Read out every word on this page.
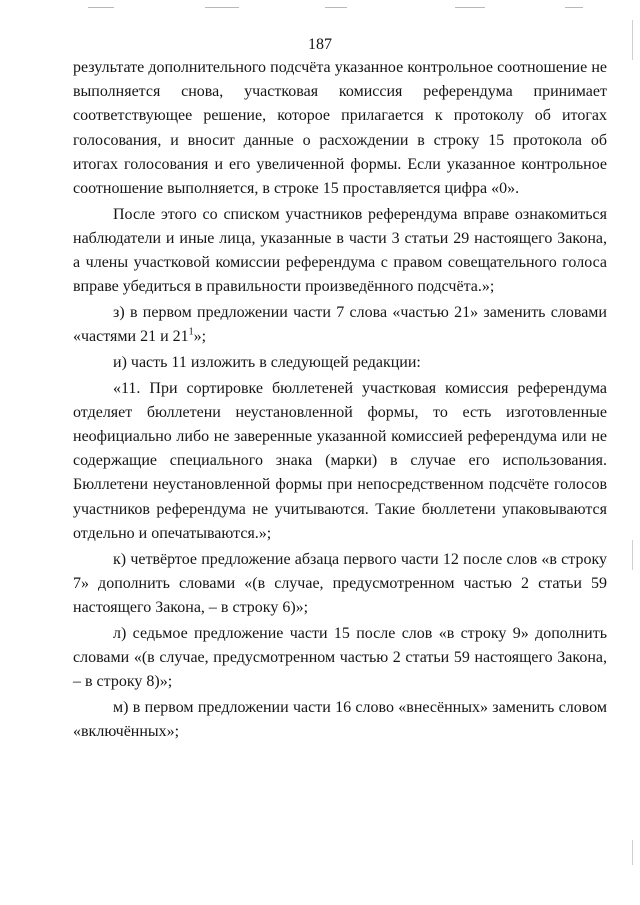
187

результате дополнительного подсчёта указанное контрольное соотношение не выполняется снова, участковая комиссия референдума принимает соответствующее решение, которое прилагается к протоколу об итогах голосования, и вносит данные о расхождении в строку 15 протокола об итогах голосования и его увеличенной формы. Если указанное контрольное соотношение выполняется, в строке 15 проставляется цифра «0».

После этого со списком участников референдума вправе ознакомиться наблюдатели и иные лица, указанные в части 3 статьи 29 настоящего Закона, а члены участковой комиссии референдума с правом совещательного голоса вправе убедиться в правильности произведённого подсчёта.»;

з) в первом предложении части 7 слова «частью 21» заменить словами «частями 21 и $21^1$»;

и) часть 11 изложить в следующей редакции:

«11. При сортировке бюллетеней участковая комиссия референдума отделяет бюллетени неустановленной формы, то есть изготовленные неофициально либо не заверенные указанной комиссией референдума или не содержащие специального знака (марки) в случае его использования. Бюллетени неустановленной формы при непосредственном подсчёте голосов участников референдума не учитываются. Такие бюллетени упаковываются отдельно и опечатываются.»;

к) четвёртое предложение абзаца первого части 12 после слов «в строку 7» дополнить словами «(в случае, предусмотренном частью 2 статьи 59 настоящего Закона, – в строку 6)»;

л) седьмое предложение части 15 после слов «в строку 9» дополнить словами «(в случае, предусмотренном частью 2 статьи 59 настоящего Закона, – в строку 8)»;

м) в первом предложении части 16 слово «внесённых» заменить словом «включённых»;
